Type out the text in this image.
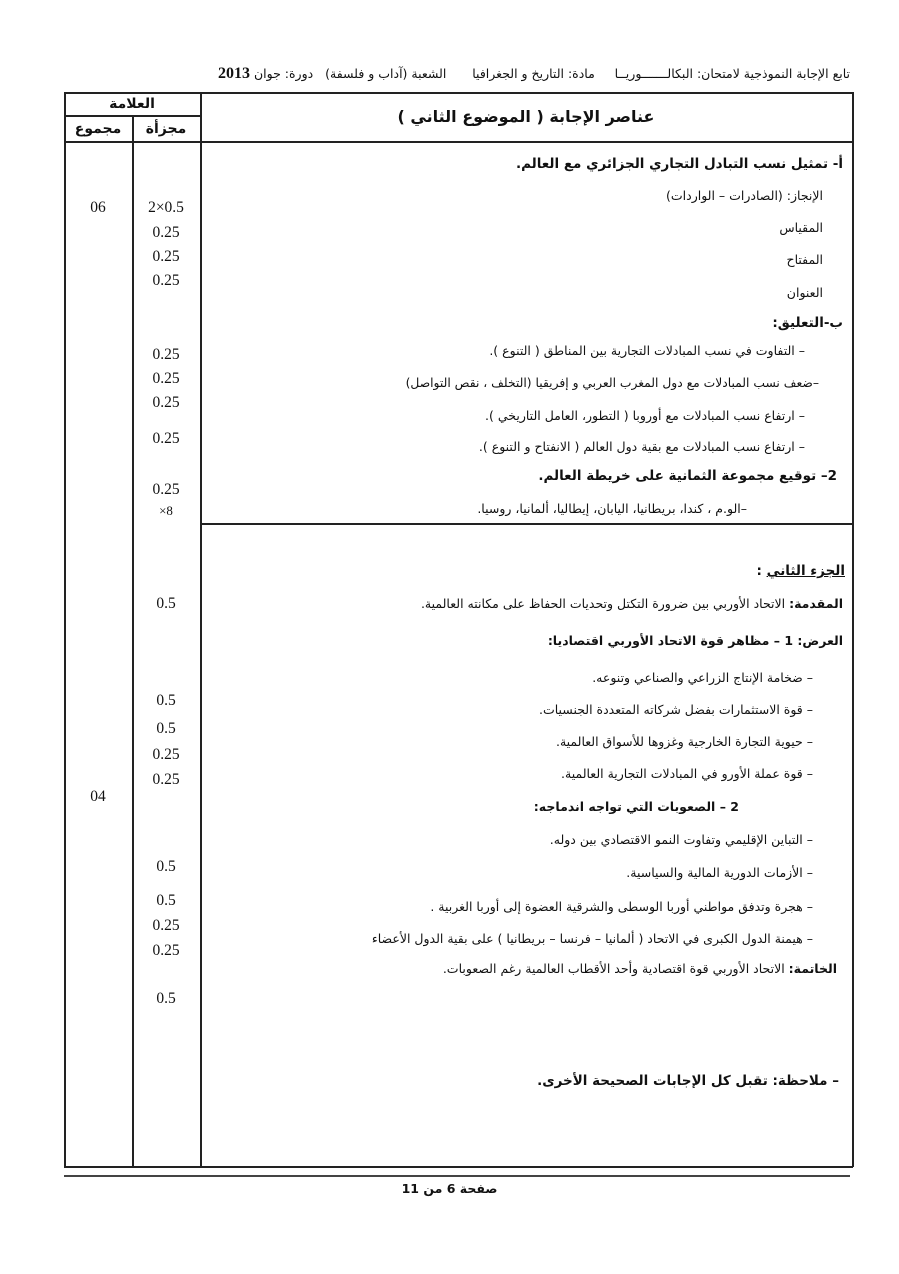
تابع الإجابة النموذجية لامتحان: البكالـــــــوريــا     مادة: التاريخ و الجغرافيا    الشعبة (آداب و فلسفة)   دورة: جوان 2013
العلامة
مجزأة
مجموع
عناصر الإجابة ( الموضوع الثاني )
06	2×0.5
0.25
0.25
0.25
0.25
0.25
0.25
0.25
0.25
×8
أ- تمثيل نسب التبادل التجاري الجزائري مع العالم.
الإنجاز: (الصادرات – الواردات)
المقياس
المفتاح
العنوان
ب-التعليق:
– التفاوت في نسب المبادلات التجارية بين المناطق ( التنوع ).
–ضعف نسب المبادلات مع دول المغرب العربي و إفريقيا (التخلف ، نقص التواصل)
– ارتفاع نسب المبادلات مع أوروبا ( التطور، العامل التاريخي ).
– ارتفاع نسب المبادلات مع بقية دول العالم ( الانفتاح و التنوع ).
2– توقيع مجموعة الثمانية على خريطة العالم.
–الو.م ، كندا، بريطانيا، اليابان، إيطاليا، ألمانيا، روسيا.
04
0.5
0.5
0.5
0.25
0.25
0.5
0.5
0.25
0.25
0.5
الجزء الثاني :
المقدمة: الاتحاد الأوربي بين ضرورة التكتل وتحديات الحفاظ على مكانته العالمية.
العرض: 1 – مظاهر قوة الاتحاد الأوربي اقتصاديا:
– ضخامة الإنتاج الزراعي والصناعي وتنوعه.
– قوة الاستثمارات بفضل شركاته المتعددة الجنسيات.
– حيوية التجارة الخارجية وغزوها للأسواق العالمية.
– قوة عملة الأورو في المبادلات التجارية العالمية.
2 – الصعوبات التي تواجه اندماجه:
– التباين الإقليمي وتفاوت النمو الاقتصادي بين دوله.
– الأزمات الدورية المالية والسياسية.
– هجرة وتدفق مواطني أوربا الوسطى والشرقية العضوة إلى أوربا الغربية .
– هيمنة الدول الكبرى في الاتحاد ( ألمانيا – فرنسا – بريطانيا ) على بقية الدول الأعضاء
الخاتمة: الاتحاد الأوربي قوة اقتصادية وأحد الأقطاب العالمية رغم الصعوبات.
– ملاحظة: تقبل كل الإجابات الصحيحة الأخرى.
صفحة 6 من 11
